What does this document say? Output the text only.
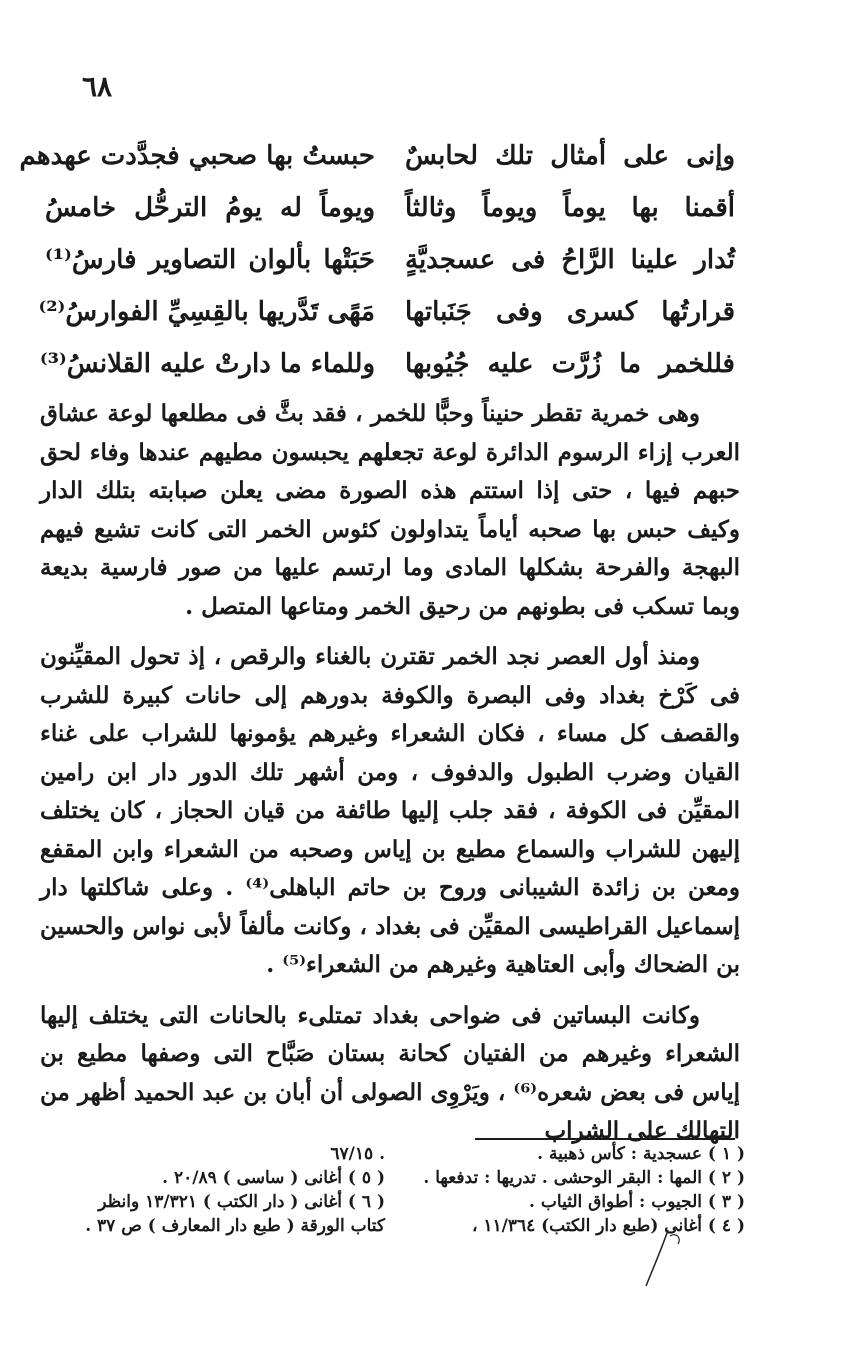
٦٨
وإنى على أمثال تلك لحابسٌ
حبستُ بها صحبي فجدَّدت عهدهم
أقمنا بها يوماً ويوماً وثالثاً
ويوماً له يومُ الترحُّل خامسُ
تُدار علينا الرَّاحُ فى عسجديَّةٍ
حَبَتْها بألوان التصاوير فارسُ⁽¹⁾
قرارتُها كسرى وفى جَنَباتها
مَهًى تَدَّريها بالقِسِيِّ الفوارسُ⁽²⁾
فللخمر ما زُرَّت عليه جُيُوبها
وللماء ما دارتْ عليه القلانسُ⁽³⁾

وهى خمرية تقطر حنيناً وحبًّا للخمر ، فقد بثَّ فى مطلعها لوعة عشاق العرب إزاء الرسوم الدائرة لوعة تجعلهم يحبسون مطيهم عندها وفاء لحق حبهم فيها ، حتى إذا استتم هذه الصورة مضى يعلن صبابته بتلك الدار وكيف حبس بها صحبه أياماً يتداولون كئوس الخمر التى كانت تشيع فيهم البهجة والفرحة بشكلها المادى وما ارتسم عليها من صور فارسية بديعة وبما تسكب فى بطونهم من رحيق الخمر ومتاعها المتصل .

ومنذ أول العصر نجد الخمر تقترن بالغناء والرقص ، إذ تحول المقيِّنون فى كَرْخ بغداد وفى البصرة والكوفة بدورهم إلى حانات كبيرة للشرب والقصف كل مساء ، فكان الشعراء وغيرهم يؤمونها للشراب على غناء القيان وضرب الطبول والدفوف ، ومن أشهر تلك الدور دار ابن رامين المقيِّن فى الكوفة ، فقد جلب إليها طائفة من قيان الحجاز ، كان يختلف إليهن للشراب والسماع مطيع بن إياس وصحبه من الشعراء وابن المقفع ومعن بن زائدة الشيبانى وروح بن حاتم الباهلى⁽⁴⁾ . وعلى شاكلتها دار إسماعيل القراطيسى المقيِّن فى بغداد ، وكانت مألفاً لأبى نواس والحسين بن الضحاك وأبى العتاهية وغيرهم من الشعراء⁽⁵⁾ .

وكانت البساتين فى ضواحى بغداد تمتلىء بالحانات التى يختلف إليها الشعراء وغيرهم من الفتيان كحانة بستان صَبَّاح التى وصفها مطيع بن إياس فى بعض شعره⁽⁶⁾ ، ويَرْوِى الصولى أن أبان بن عبد الحميد أظهر من التهالك على الشراب

( ١ ) عسجدية : كأس ذهبية .
( ٢ ) المها : البقر الوحشى . تدريها : تدفعها .
( ٣ ) الجيوب : أطواق الثياب .
( ٤ ) أغانى (طبع دار الكتب) ١١/٣٦٤ ،
. ٦٧/١٥
( ٥ ) أغانى ( ساسى ) ٢٠/٨٩ .
( ٦ ) أغانى ( دار الكتب ) ١٣/٣٢١ وانظر
كتاب الورقة ( طبع دار المعارف ) ص ٣٧ .
